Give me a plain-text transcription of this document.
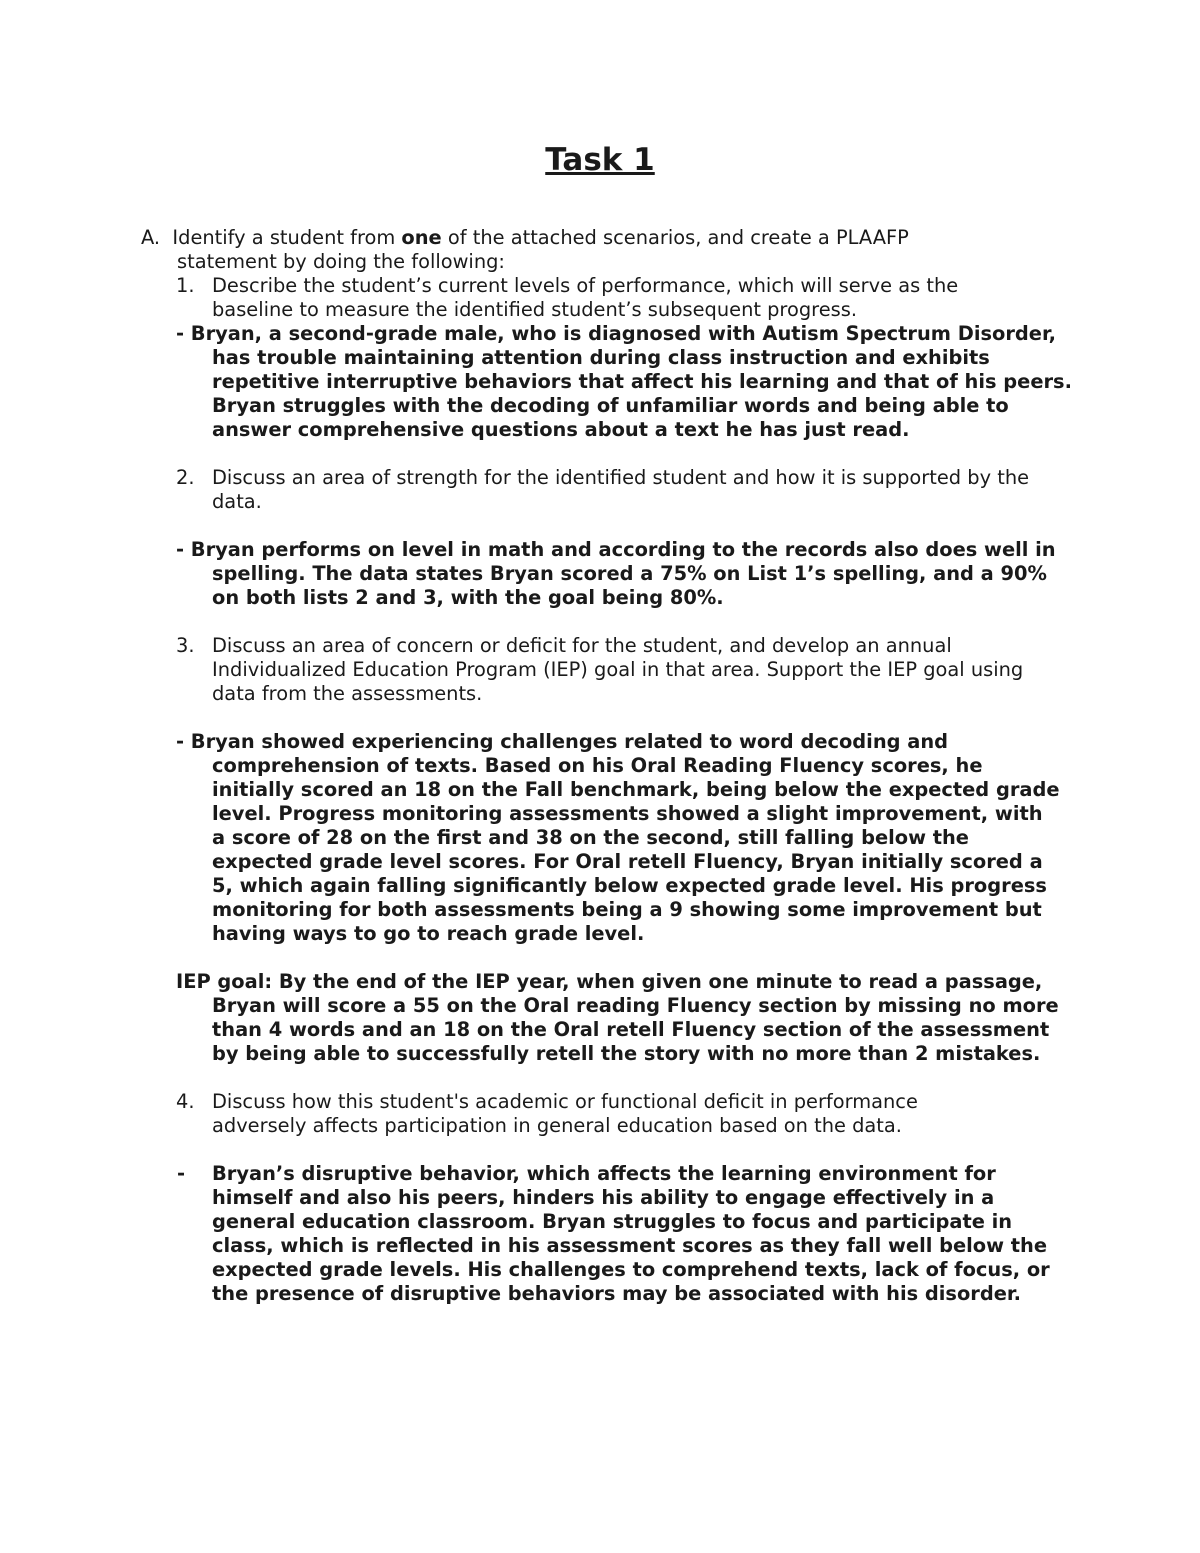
Task 1

A. Identify a student from one of the attached scenarios, and create a PLAAFP

statement by doing the following:

1. Describe the student’s current levels of performance, which will serve as the baseline to measure the identified student’s subsequent progress.

- Bryan, a second-grade male, who is diagnosed with Autism Spectrum Disorder, has trouble maintaining attention during class instruction and exhibits repetitive interruptive behaviors that affect his learning and that of his peers. Bryan struggles with the decoding of unfamiliar words and being able to answer comprehensive questions about a text he has just read.

2. Discuss an area of strength for the identified student and how it is supported by the data.

- Bryan performs on level in math and according to the records also does well in spelling. The data states Bryan scored a 75% on List 1’s spelling, and a 90% on both lists 2 and 3, with the goal being 80%.

3. Discuss an area of concern or deficit for the student, and develop an annual Individualized Education Program (IEP) goal in that area. Support the IEP goal using data from the assessments.

- Bryan showed experiencing challenges related to word decoding and comprehension of texts. Based on his Oral Reading Fluency scores, he initially scored an 18 on the Fall benchmark, being below the expected grade level. Progress monitoring assessments showed a slight improvement, with a score of 28 on the first and 38 on the second, still falling below the expected grade level scores. For Oral retell Fluency, Bryan initially scored a 5, which again falling significantly below expected grade level. His progress monitoring for both assessments being a 9 showing some improvement but having ways to go to reach grade level.

IEP goal: By the end of the IEP year, when given one minute to read a passage, Bryan will score a 55 on the Oral reading Fluency section by missing no more than 4 words and an 18 on the Oral retell Fluency section of the assessment by being able to successfully retell the story with no more than 2 mistakes.

4. Discuss how this student's academic or functional deficit in performance adversely affects participation in general education based on the data.

-	Bryan’s disruptive behavior, which affects the learning environment for himself and also his peers, hinders his ability to engage effectively in a general education classroom. Bryan struggles to focus and participate in class, which is reflected in his assessment scores as they fall well below the expected grade levels. His challenges to comprehend texts, lack of focus, or the presence of disruptive behaviors may be associated with his disorder.
